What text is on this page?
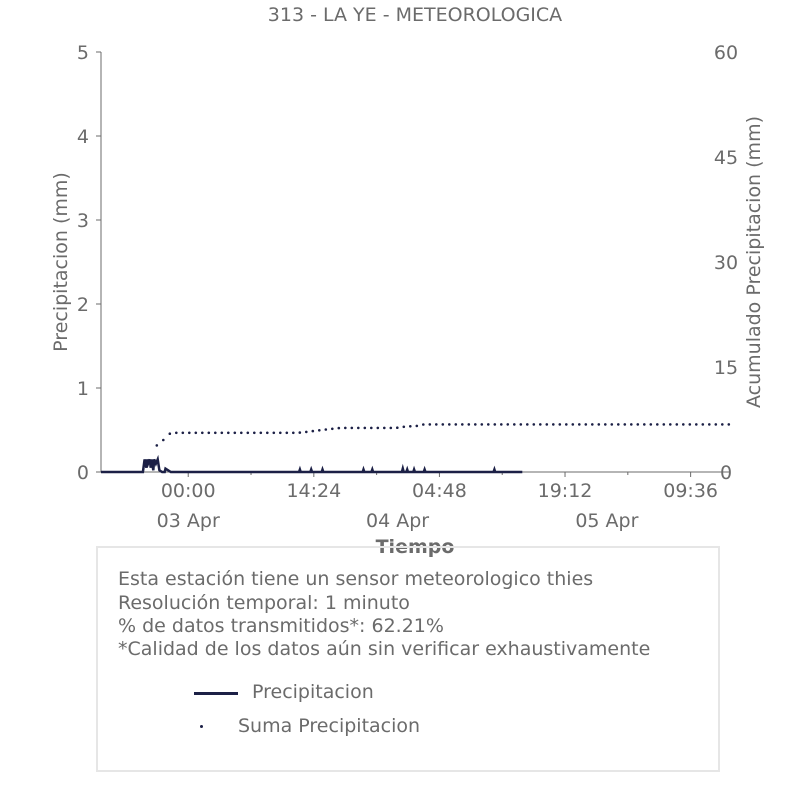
313 - LA YE - METEOROLOGICA
0
1
2
3
4
5
0
15
30
45
60
00:00	14:24	04:48	19:12	09:36
03 Apr	04 Apr	05 Apr
Precipitacion (mm)	Acumulado Precipitacion (mm)
Tiempo
Esta estación tiene un sensor meteorologico thies
Resolución temporal: 1 minuto
% de datos transmitidos*: 62.21%
*Calidad de los datos aún sin verificar exhaustivamente
Precipitacion
Suma Precipitacion
